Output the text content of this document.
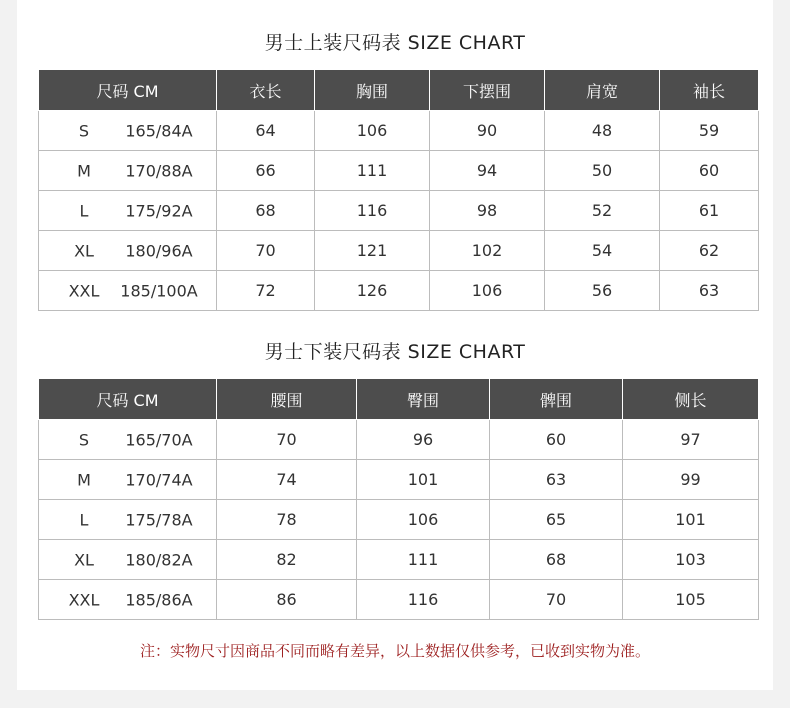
男士上装尺码表 SIZE CHART
尺码 CM	衣长	胸围	下摆围	肩宽	袖长

S 165/84A	64	106	90	48	59

M 170/88A	66	111	94	50	60

L 175/92A	68	116	98	52	61

XL 180/96A	70	121	102	54	62

XXL 185/100A	72	126	106	56	63
男士下装尺码表 SIZE CHART
尺码 CM	腰围	臀围	髀围	侧长

S 165/70A	70	96	60	97

M 170/74A	74	101	63	99

L 175/78A	78	106	65	101

XL 180/82A	82	111	68	103

XXL 185/86A	86	116	70	105
注：实物尺寸因商品不同而略有差异，以上数据仅供参考，已收到实物为准。
